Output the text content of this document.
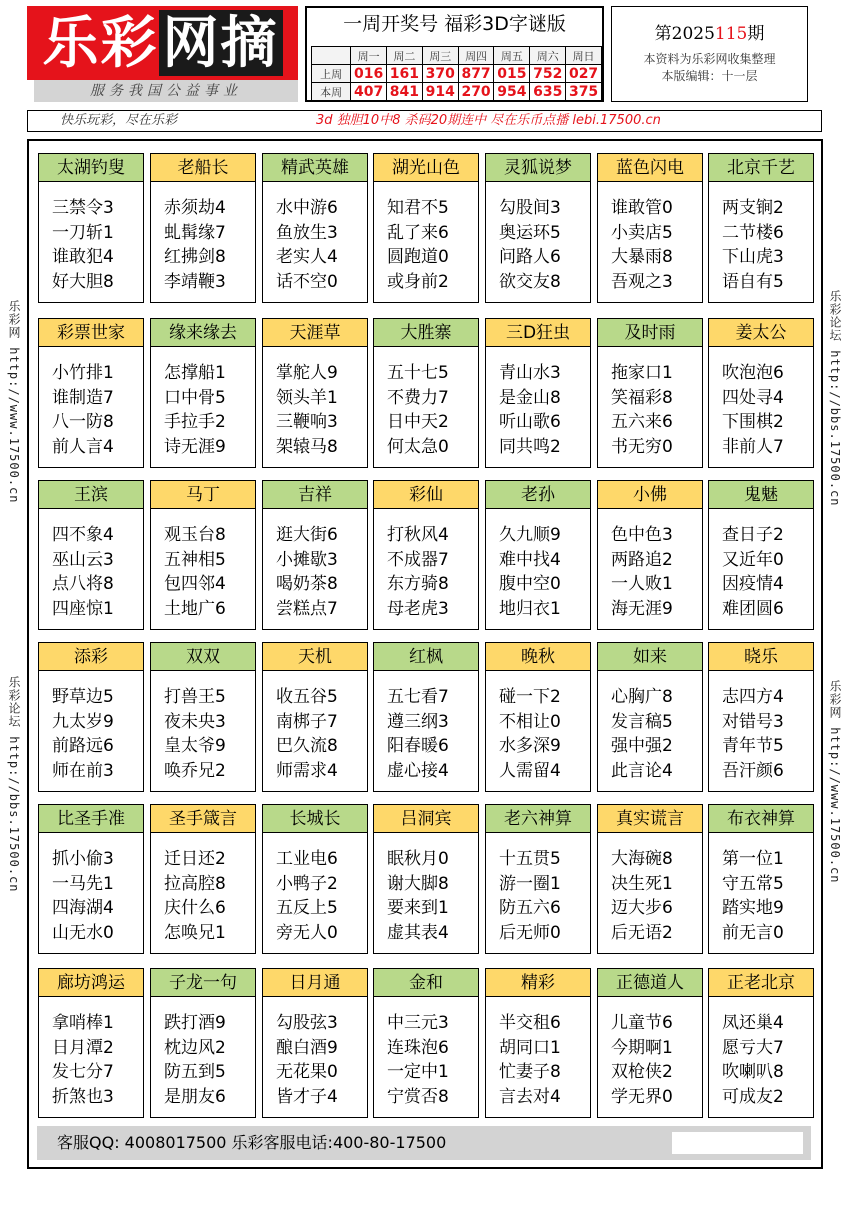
乐彩网摘
服务我国公益事业
一周开奖号 福彩3D字谜版
	周一	周二	周三	周四	周五	周六	周日
上周	016	161	370	877	015	752	027
本周	407	841	914	270	954	635	375
第2025115期
本资料为乐彩网收集整理
本版编辑：十一层
快乐玩彩，尽在乐彩	3d 独胆10中8 杀码20期连中 尽在乐币点播 lebi.17500.cn
乐彩网 http://www.17500.cn
乐彩论坛 http://bbs.17500.cn
乐彩论坛 http://bbs.17500.cn
乐彩网 http://www.17500.cn
太湖钓叟
三禁令3
一刀斩1
谁敢犯4
好大胆8
老船长
赤须劫4
虬髯缘7
红拂剑8
李靖鞭3
精武英雄
水中游6
鱼放生3
老实人4
话不空0
湖光山色
知君不5
乱了来6
圆跑道0
或身前2
灵狐说梦
勾股间3
奥运环5
问路人6
欲交友8
蓝色闪电
谁敢管0
小卖店5
大暴雨8
吾观之3
北京千艺
两支锏2
二节楼6
下山虎3
语自有5
彩票世家
小竹排1
谁制造7
八一防8
前人言4
缘来缘去
怎撑船1
口中骨5
手拉手2
诗无涯9
天涯草
掌舵人9
领头羊1
三鞭响3
架辕马8
大胜寨
五十七5
不费力7
日中天2
何太急0
三D狂虫
青山水3
是金山8
听山歌6
同共鸣2
及时雨
拖家口1
笑福彩8
五六来6
书无穷0
姜太公
吹泡泡6
四处寻4
下围棋2
非前人7
王滨
四不象4
巫山云3
点八将8
四座惊1
马丁
观玉台8
五神相5
包四邻4
土地广6
吉祥
逛大街6
小摊歇3
喝奶茶8
尝糕点7
彩仙
打秋风4
不成器7
东方骑8
母老虎3
老孙
久九顺9
难中找4
腹中空0
地归衣1
小佛
色中色3
两路追2
一人败1
海无涯9
鬼魅
查日子2
又近年0
因疫情4
难团圆6
添彩
野草边5
九太岁9
前路远6
师在前3
双双
打兽王5
夜未央3
皇太爷9
唤乔兄2
天机
收五谷5
南梆子7
巴久流8
师需求4
红枫
五七看7
遵三纲3
阳春暖6
虚心接4
晚秋
碰一下2
不相让0
水多深9
人需留4
如来
心胸广8
发言稿5
强中强2
此言论4
晓乐
志四方4
对错号3
青年节5
吾汗颜6
比圣手准
抓小偷3
一马先1
四海湖4
山无水0
圣手箴言
迁日还2
拉高腔8
庆什么6
怎唤兄1
长城长
工业电6
小鸭子2
五反上5
旁无人0
吕洞宾
眠秋月0
谢大脚8
要来到1
虚其表4
老六神算
十五贯5
游一圈1
防五六6
后无师0
真实谎言
大海碗8
决生死1
迈大步6
后无语2
布衣神算
第一位1
守五常5
踏实地9
前无言0
廊坊鸿运
拿哨棒1
日月潭2
发七分7
折煞也3
子龙一句
跌打酒9
枕边风2
防五到5
是朋友6
日月通
勾股弦3
酿白酒9
无花果0
皆才子4
金和
中三元3
连珠泡6
一定中1
宁赏否8
精彩
半交租6
胡同口1
忙妻子8
言去对4
正德道人
儿童节6
今期啊1
双枪侠2
学无界0
正老北京
凤还巢4
愿亏大7
吹喇叭8
可成友2
客服QQ: 4008017500 乐彩客服电话:400-80-17500
